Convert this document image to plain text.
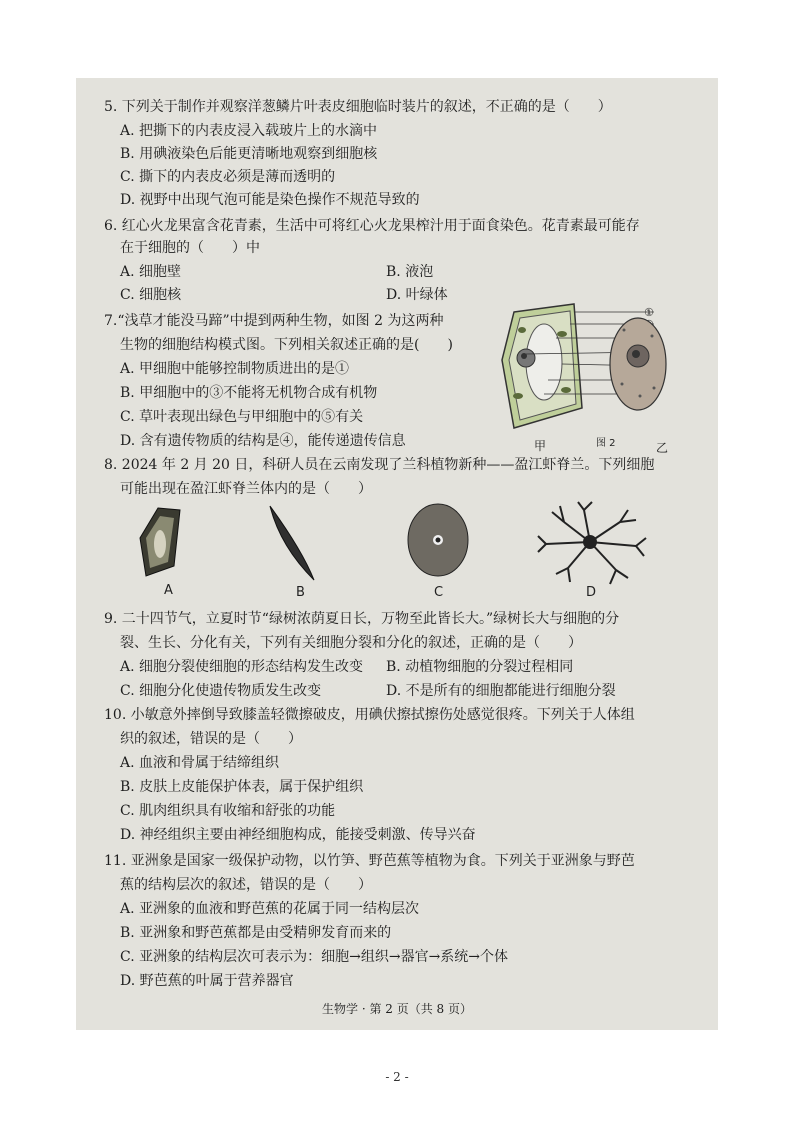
5. 下列关于制作并观察洋葱鳞片叶表皮细胞临时装片的叙述，不正确的是（　　）
A. 把撕下的内表皮浸入载玻片上的水滴中
B. 用碘液染色后能更清晰地观察到细胞核
C. 撕下的内表皮必须是薄而透明的
D. 视野中出现气泡可能是染色操作不规范导致的
6. 红心火龙果富含花青素，生活中可将红心火龙果榨汁用于面食染色。花青素最可能存
在于细胞的（　　）中
A. 细胞壁	B. 液泡
C. 细胞核	D. 叶绿体
7.“浅草才能没马蹄”中提到两种生物，如图 2 为这两种
生物的细胞结构模式图。下列相关叙述正确的是(　　)
A. 甲细胞中能够控制物质进出的是①
B. 甲细胞中的③不能将无机物合成有机物
C. 草叶表现出绿色与甲细胞中的⑤有关
D. 含有遗传物质的结构是④，能传递遗传信息
①
甲	图 2	乙
8. 2024 年 2 月 20 日，科研人员在云南发现了兰科植物新种——盈江虾脊兰。下列细胞
可能出现在盈江虾脊兰体内的是（　　）
A	B	C	D
9. 二十四节气，立夏时节“绿树浓荫夏日长，万物至此皆长大。”绿树长大与细胞的分
裂、生长、分化有关，下列有关细胞分裂和分化的叙述，正确的是（　　）
A. 细胞分裂使细胞的形态结构发生改变 B. 动植物细胞的分裂过程相同
C. 细胞分化使遗传物质发生改变	D. 不是所有的细胞都能进行细胞分裂
10. 小敏意外摔倒导致膝盖轻微擦破皮，用碘伏擦拭擦伤处感觉很疼。下列关于人体组
织的叙述，错误的是（　　）
A. 血液和骨属于结缔组织
B. 皮肤上皮能保护体表，属于保护组织
C. 肌肉组织具有收缩和舒张的功能
D. 神经组织主要由神经细胞构成，能接受刺激、传导兴奋
11. 亚洲象是国家一级保护动物，以竹笋、野芭蕉等植物为食。下列关于亚洲象与野芭
蕉的结构层次的叙述，错误的是（　　）
A. 亚洲象的血液和野芭蕉的花属于同一结构层次
B. 亚洲象和野芭蕉都是由受精卵发育而来的
C. 亚洲象的结构层次可表示为：细胞→组织→器官→系统→个体
D. 野芭蕉的叶属于营养器官
生物学 · 第 2 页（共 8 页）
- 2 -
